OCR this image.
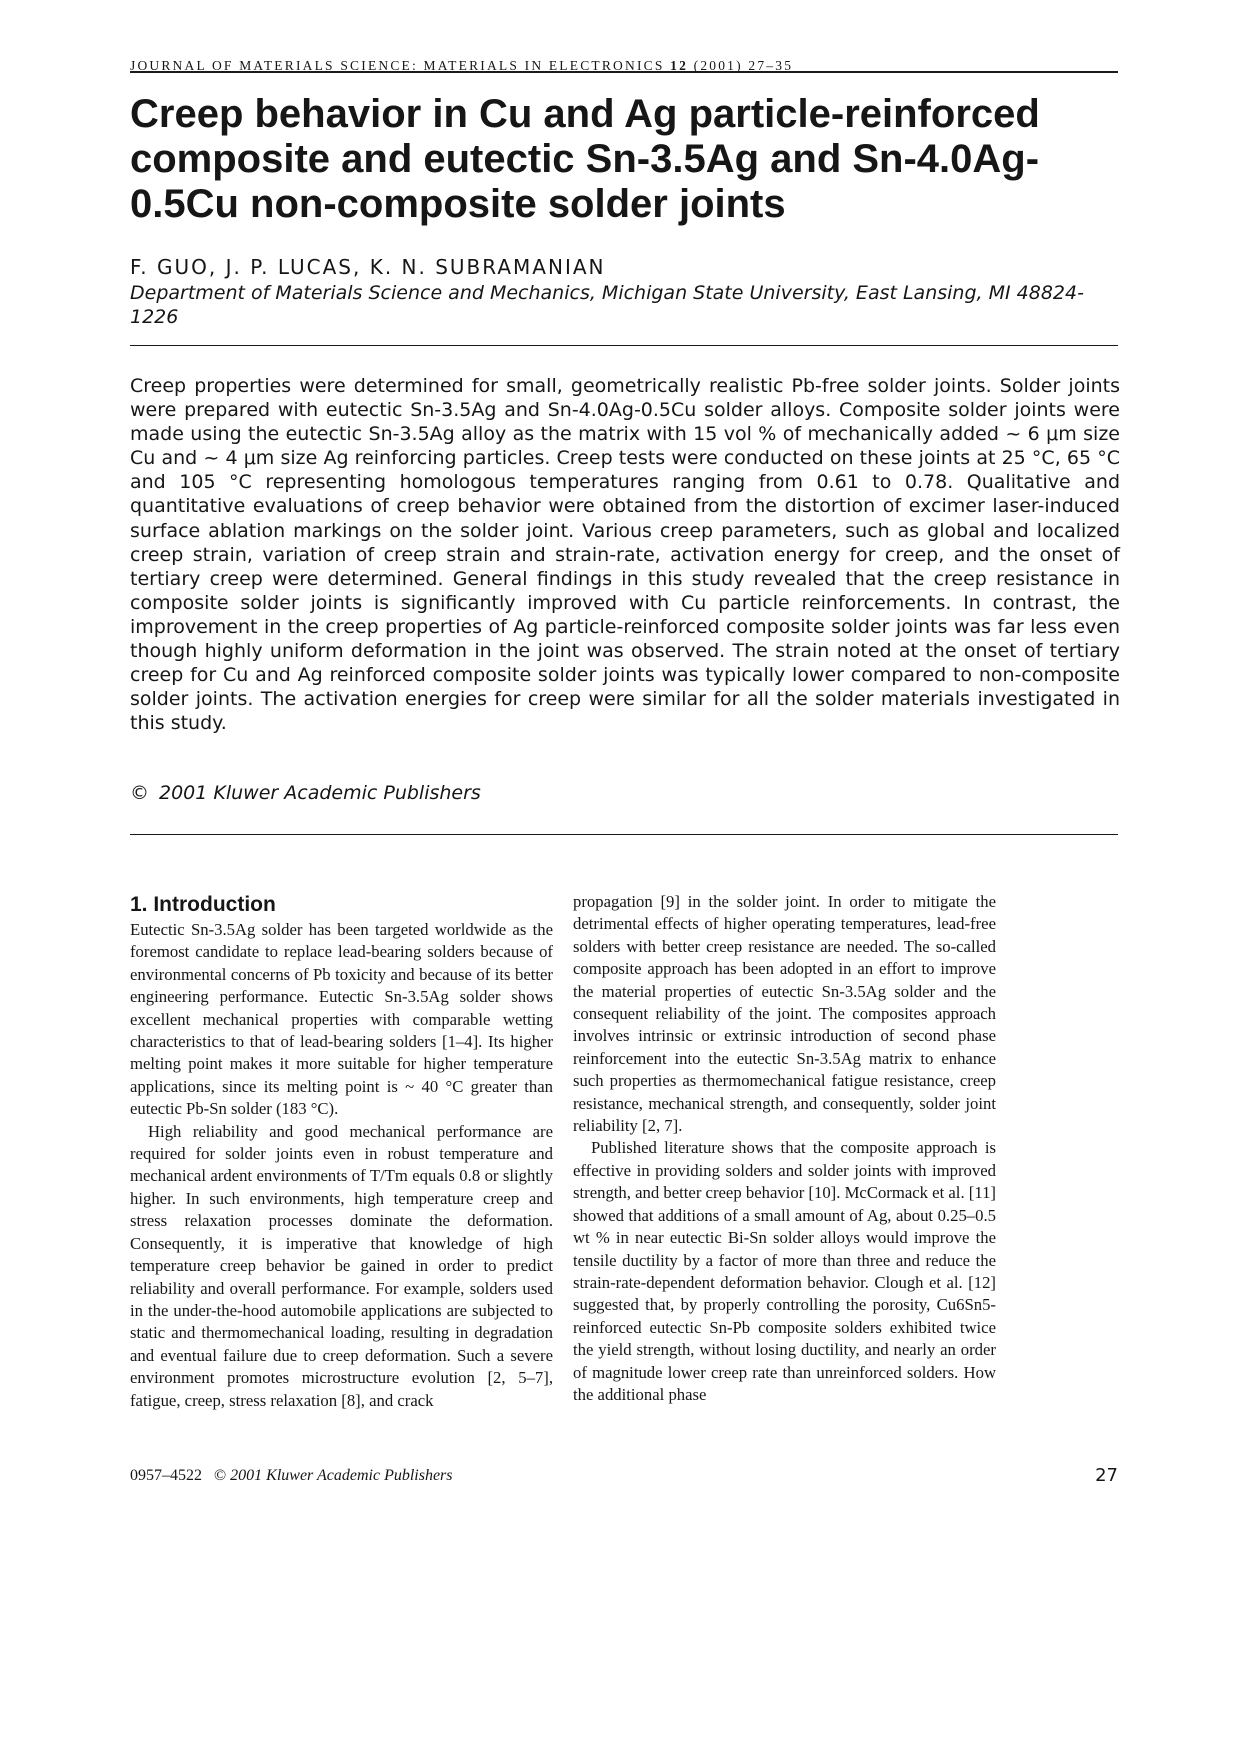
JOURNAL OF MATERIALS SCIENCE: MATERIALS IN ELECTRONICS 12 (2001) 27–35
Creep behavior in Cu and Ag particle-reinforced composite and eutectic Sn-3.5Ag and Sn-4.0Ag-0.5Cu non-composite solder joints

F. GUO, J. P. LUCAS, K. N. SUBRAMANIAN

Department of Materials Science and Mechanics, Michigan State University, East Lansing, MI 48824-1226

Creep properties were determined for small, geometrically realistic Pb-free solder joints. Solder joints were prepared with eutectic Sn-3.5Ag and Sn-4.0Ag-0.5Cu solder alloys. Composite solder joints were made using the eutectic Sn-3.5Ag alloy as the matrix with 15 vol % of mechanically added ~ 6 μm size Cu and ~ 4 μm size Ag reinforcing particles. Creep tests were conducted on these joints at 25 °C, 65 °C and 105 °C representing homologous temperatures ranging from 0.61 to 0.78. Qualitative and quantitative evaluations of creep behavior were obtained from the distortion of excimer laser-induced surface ablation markings on the solder joint. Various creep parameters, such as global and localized creep strain, variation of creep strain and strain-rate, activation energy for creep, and the onset of tertiary creep were determined. General findings in this study revealed that the creep resistance in composite solder joints is significantly improved with Cu particle reinforcements. In contrast, the improvement in the creep properties of Ag particle-reinforced composite solder joints was far less even though highly uniform deformation in the joint was observed. The strain noted at the onset of tertiary creep for Cu and Ag reinforced composite solder joints was typically lower compared to non-composite solder joints. The activation energies for creep were similar for all the solder materials investigated in this study.

© 2001 Kluwer Academic Publishers

1. Introduction

Eutectic Sn-3.5Ag solder has been targeted worldwide as the foremost candidate to replace lead-bearing solders because of environmental concerns of Pb toxicity and because of its better engineering performance. Eutectic Sn-3.5Ag solder shows excellent mechanical properties with comparable wetting characteristics to that of lead-bearing solders [1–4]. Its higher melting point makes it more suitable for higher temperature applications, since its melting point is ~ 40 °C greater than eutectic Pb-Sn solder (183 °C).

High reliability and good mechanical performance are required for solder joints even in robust temperature and mechanical ardent environments of T/Tm equals 0.8 or slightly higher. In such environments, high temperature creep and stress relaxation processes dominate the deformation. Consequently, it is imperative that knowledge of high temperature creep behavior be gained in order to predict reliability and overall performance. For example, solders used in the under-the-hood automobile applications are subjected to static and thermomechanical loading, resulting in degradation and eventual failure due to creep deformation. Such a severe environment promotes microstructure evolution [2, 5–7], fatigue, creep, stress relaxation [8], and crack

propagation [9] in the solder joint. In order to mitigate the detrimental effects of higher operating temperatures, lead-free solders with better creep resistance are needed. The so-called composite approach has been adopted in an effort to improve the material properties of eutectic Sn-3.5Ag solder and the consequent reliability of the joint. The composites approach involves intrinsic or extrinsic introduction of second phase reinforcement into the eutectic Sn-3.5Ag matrix to enhance such properties as thermomechanical fatigue resistance, creep resistance, mechanical strength, and consequently, solder joint reliability [2, 7].

Published literature shows that the composite approach is effective in providing solders and solder joints with improved strength, and better creep behavior [10]. McCormack et al. [11] showed that additions of a small amount of Ag, about 0.25–0.5 wt % in near eutectic Bi-Sn solder alloys would improve the tensile ductility by a factor of more than three and reduce the strain-rate-dependent deformation behavior. Clough et al. [12] suggested that, by properly controlling the porosity, Cu6Sn5-reinforced eutectic Sn-Pb composite solders exhibited twice the yield strength, without losing ductility, and nearly an order of magnitude lower creep rate than unreinforced solders. How the additional phase

0957–4522 © 2001 Kluwer Academic Publishers	27
